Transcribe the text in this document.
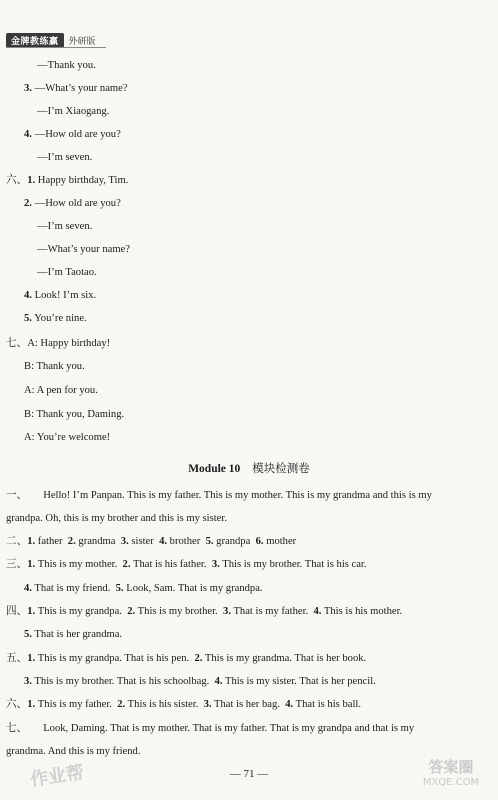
金牌教练赢	外研版
—Thank you.
3. —What’s your name?
—I’m Xiaogang.
4. —How old are you?
—I’m seven.
六、1. Happy birthday, Tim.
2. —How old are you?
—I’m seven.
—What’s your name?
—I’m Taotao.
4. Look! I’m six.
5. You’re nine.
七、A: Happy birthday!
B: Thank you.
A: A pen for you.
B: Thank you, Daming.
A: You’re welcome!
Module 10 模块检测卷
一、 Hello! I’m Panpan. This is my father. This is my mother. This is my grandma and this is my
grandpa. Oh, this is my brother and this is my sister.
二、1. father 2. grandma 3. sister 4. brother 5. grandpa 6. mother
三、1. This is my mother. 2. That is his father. 3. This is my brother. That is his car.
4. That is my friend. 5. Look, Sam. That is my grandpa.
四、1. This is my grandpa. 2. This is my brother. 3. That is my father. 4. This is his mother.
5. That is her grandma.
五、1. This is my grandpa. That is his pen. 2. This is my grandma. That is her book.
3. This is my brother. That is his schoolbag. 4. This is my sister. That is her pencil.
六、1. This is my father. 2. This is his sister. 3. That is her bag. 4. That is his ball.
七、 Look, Daming. That is my mother. That is my father. That is my grandpa and that is my
grandma. And this is my friend.
— 71 —
作业帮	答案圈
MXQE.COM
